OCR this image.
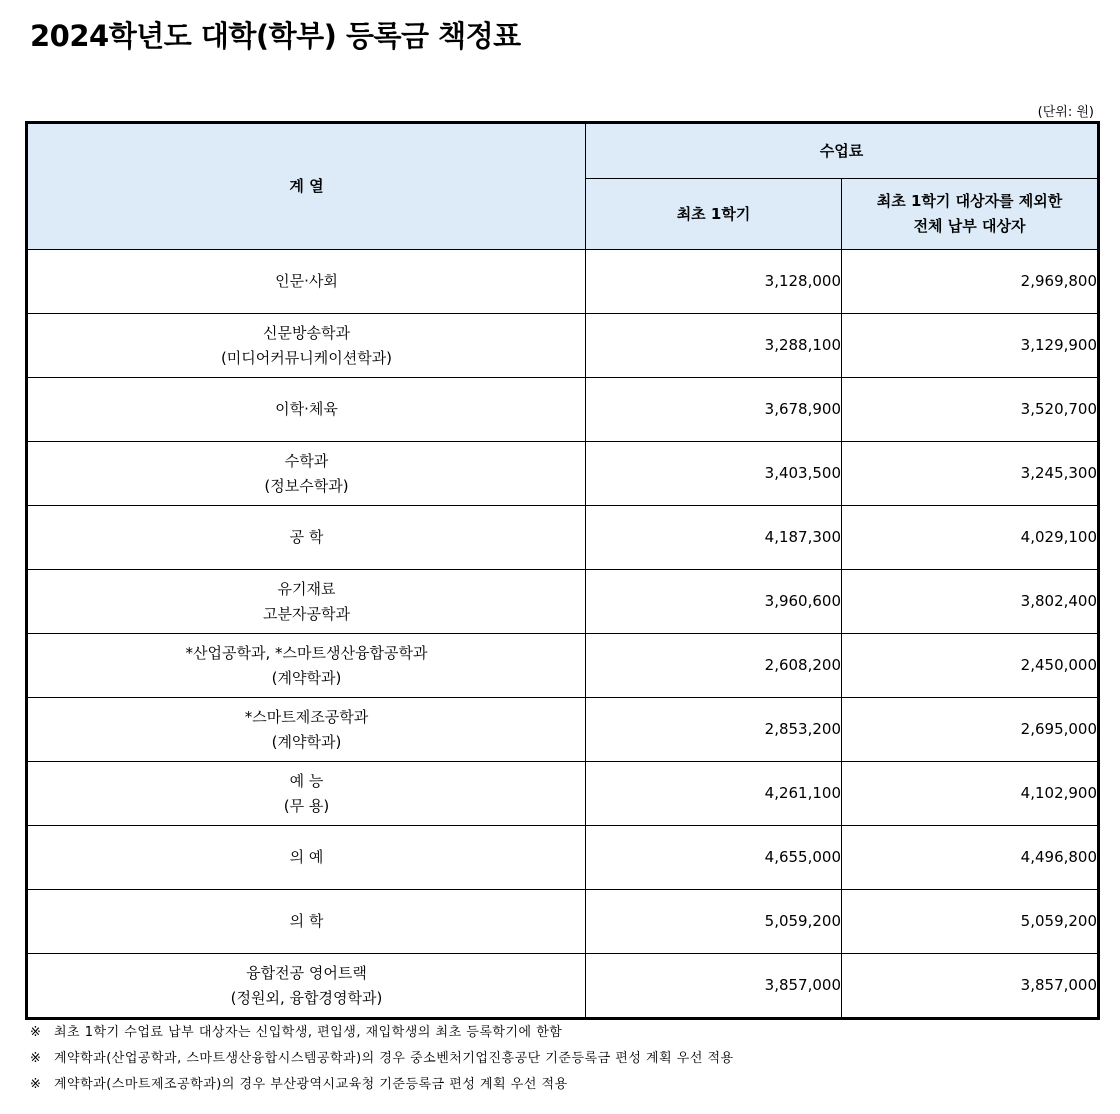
2024학년도 대학(학부) 등록금 책정표
(단위: 원)
계 열	수업료	
	최초 1학기	최초 1학기 대상자를 제외한
전체 납부 대상자
인문·사회	3,128,000	2,969,800
신문방송학과
(미디어커뮤니케이션학과)	3,288,100	3,129,900
이학·체육	3,678,900	3,520,700
수학과
(정보수학과)	3,403,500	3,245,300
공 학	4,187,300	4,029,100
유기재료
고분자공학과	3,960,600	3,802,400
*산업공학과, *스마트생산융합공학과
(계약학과)	2,608,200	2,450,000
*스마트제조공학과
(계약학과)	2,853,200	2,695,000
예 능
(무 용)	4,261,100	4,102,900
의 예	4,655,000	4,496,800
의 학	5,059,200	5,059,200
융합전공 영어트랙
(정원외, 융합경영학과)	3,857,000	3,857,000
※ 최초 1학기 수업료 납부 대상자는 신입학생, 편입생, 재입학생의 최초 등록학기에 한함
※ 계약학과(산업공학과, 스마트생산융합시스템공학과)의 경우 중소벤처기업진흥공단 기준등록금 편성 계획 우선 적용
※ 계약학과(스마트제조공학과)의 경우 부산광역시교육청 기준등록금 편성 계획 우선 적용
